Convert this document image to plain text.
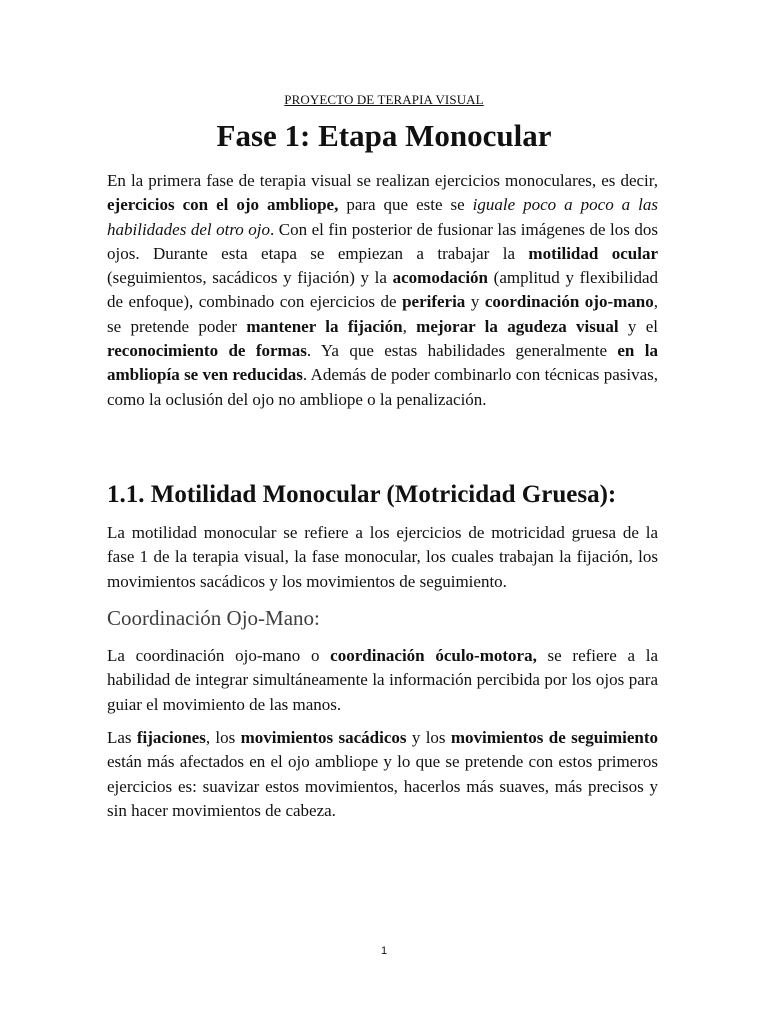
PROYECTO DE TERAPIA VISUAL
Fase 1: Etapa Monocular

En la primera fase de terapia visual se realizan ejercicios monoculares, es decir, ejercicios con el ojo ambliope, para que este se iguale poco a poco a las habilidades del otro ojo. Con el fin posterior de fusionar las imágenes de los dos ojos. Durante esta etapa se empiezan a trabajar la motilidad ocular (seguimientos, sacádicos y fijación) y la acomodación (amplitud y flexibilidad de enfoque), combinado con ejercicios de periferia y coordinación ojo-mano, se pretende poder mantener la fijación, mejorar la agudeza visual y el reconocimiento de formas. Ya que estas habilidades generalmente en la ambliopía se ven reducidas. Además de poder combinarlo con técnicas pasivas, como la oclusión del ojo no ambliope o la penalización.

1.1. Motilidad Monocular (Motricidad Gruesa):

La motilidad monocular se refiere a los ejercicios de motricidad gruesa de la fase 1 de la terapia visual, la fase monocular, los cuales trabajan la fijación, los movimientos sacádicos y los movimientos de seguimiento.

Coordinación Ojo-Mano:

La coordinación ojo-mano o coordinación óculo-motora, se refiere a la habilidad de integrar simultáneamente la información percibida por los ojos para guiar el movimiento de las manos.

Las fijaciones, los movimientos sacádicos y los movimientos de seguimiento están más afectados en el ojo ambliope y lo que se pretende con estos primeros ejercicios es: suavizar estos movimientos, hacerlos más suaves, más precisos y sin hacer movimientos de cabeza.

1
